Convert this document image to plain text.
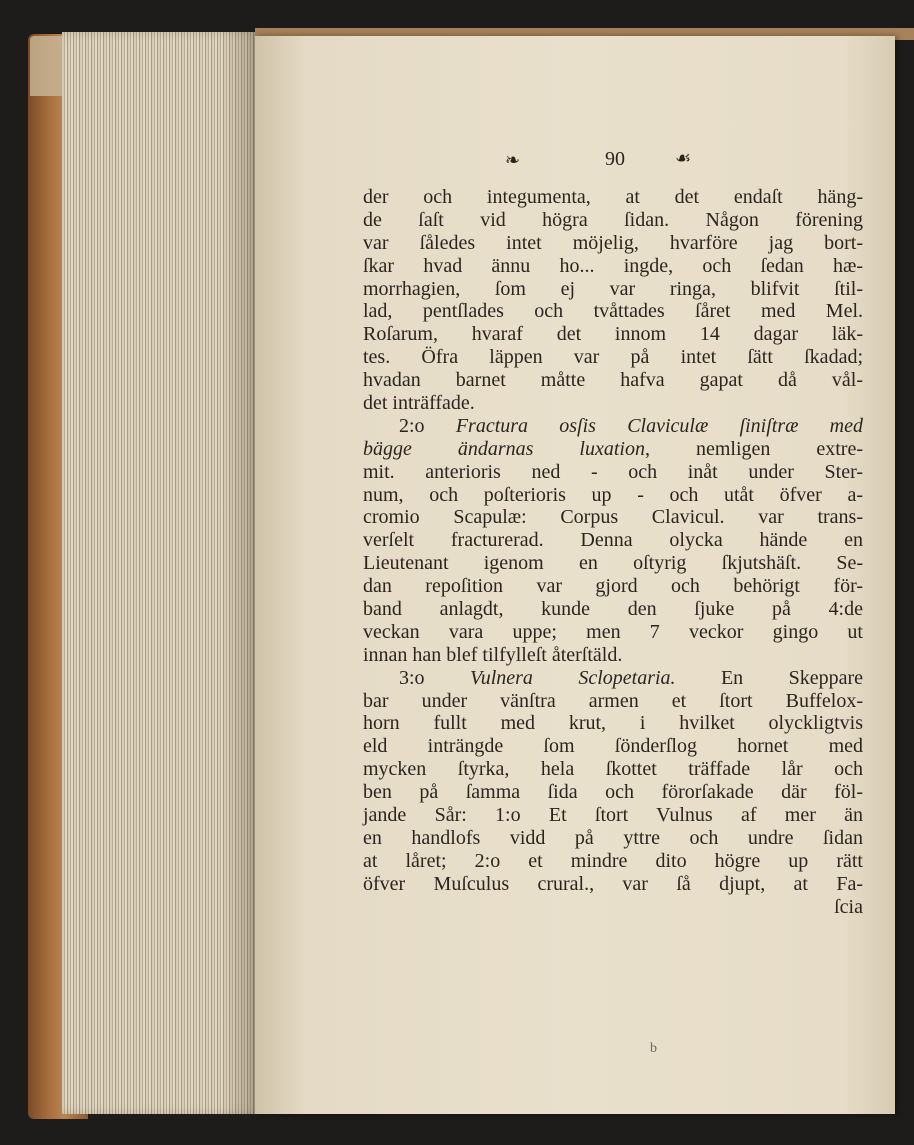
❧	90	☙
der och integumenta, at det endaſt häng-
de ſaſt vid högra ſidan. Någon förening
var ſåledes intet möjelig, hvarföre jag bort-
ſkar hvad ännu ho... ingde, och ſedan hæ-
morrhagien, ſom ej var ringa, blifvit ſtil-
lad, pentſlades och tvåttades ſåret med Mel.
Roſarum, hvaraf det innom 14 dagar läk-
tes. Öfra läppen var på intet ſätt ſkadad;
hvadan barnet måtte hafva gapat då vål-
det inträffade.
2:o Fractura osſis Claviculæ ſiniſtræ med
bägge ändarnas luxation, nemligen extre-
mit. anterioris ned - och inåt under Ster-
num, och poſterioris up - och utåt öfver a-
cromio Scapulæ: Corpus Clavicul. var trans-
verſelt fracturerad. Denna olycka hände en
Lieutenant igenom en oſtyrig ſkjutshäſt. Se-
dan repoſition var gjord och behörigt för-
band anlagdt, kunde den ſjuke på 4:de
veckan vara uppe; men 7 veckor gingo ut
innan han blef tilfylleſt återſtäld.
3:o Vulnera Sclopetaria. En Skeppare
bar under vänſtra armen et ſtort Buffelox-
horn fullt med krut, i hvilket olyckligtvis
eld inträngde ſom ſönderſlog hornet med
mycken ſtyrka, hela ſkottet träffade lår och
ben på ſamma ſida och förorſakade där föl-
jande Sår: 1:o Et ſtort Vulnus af mer än
en handlofs vidd på yttre och undre ſidan
at låret; 2:o et mindre dito högre up rätt
öfver Muſculus crural., var ſå djupt, at Fa-
ſcia
b
